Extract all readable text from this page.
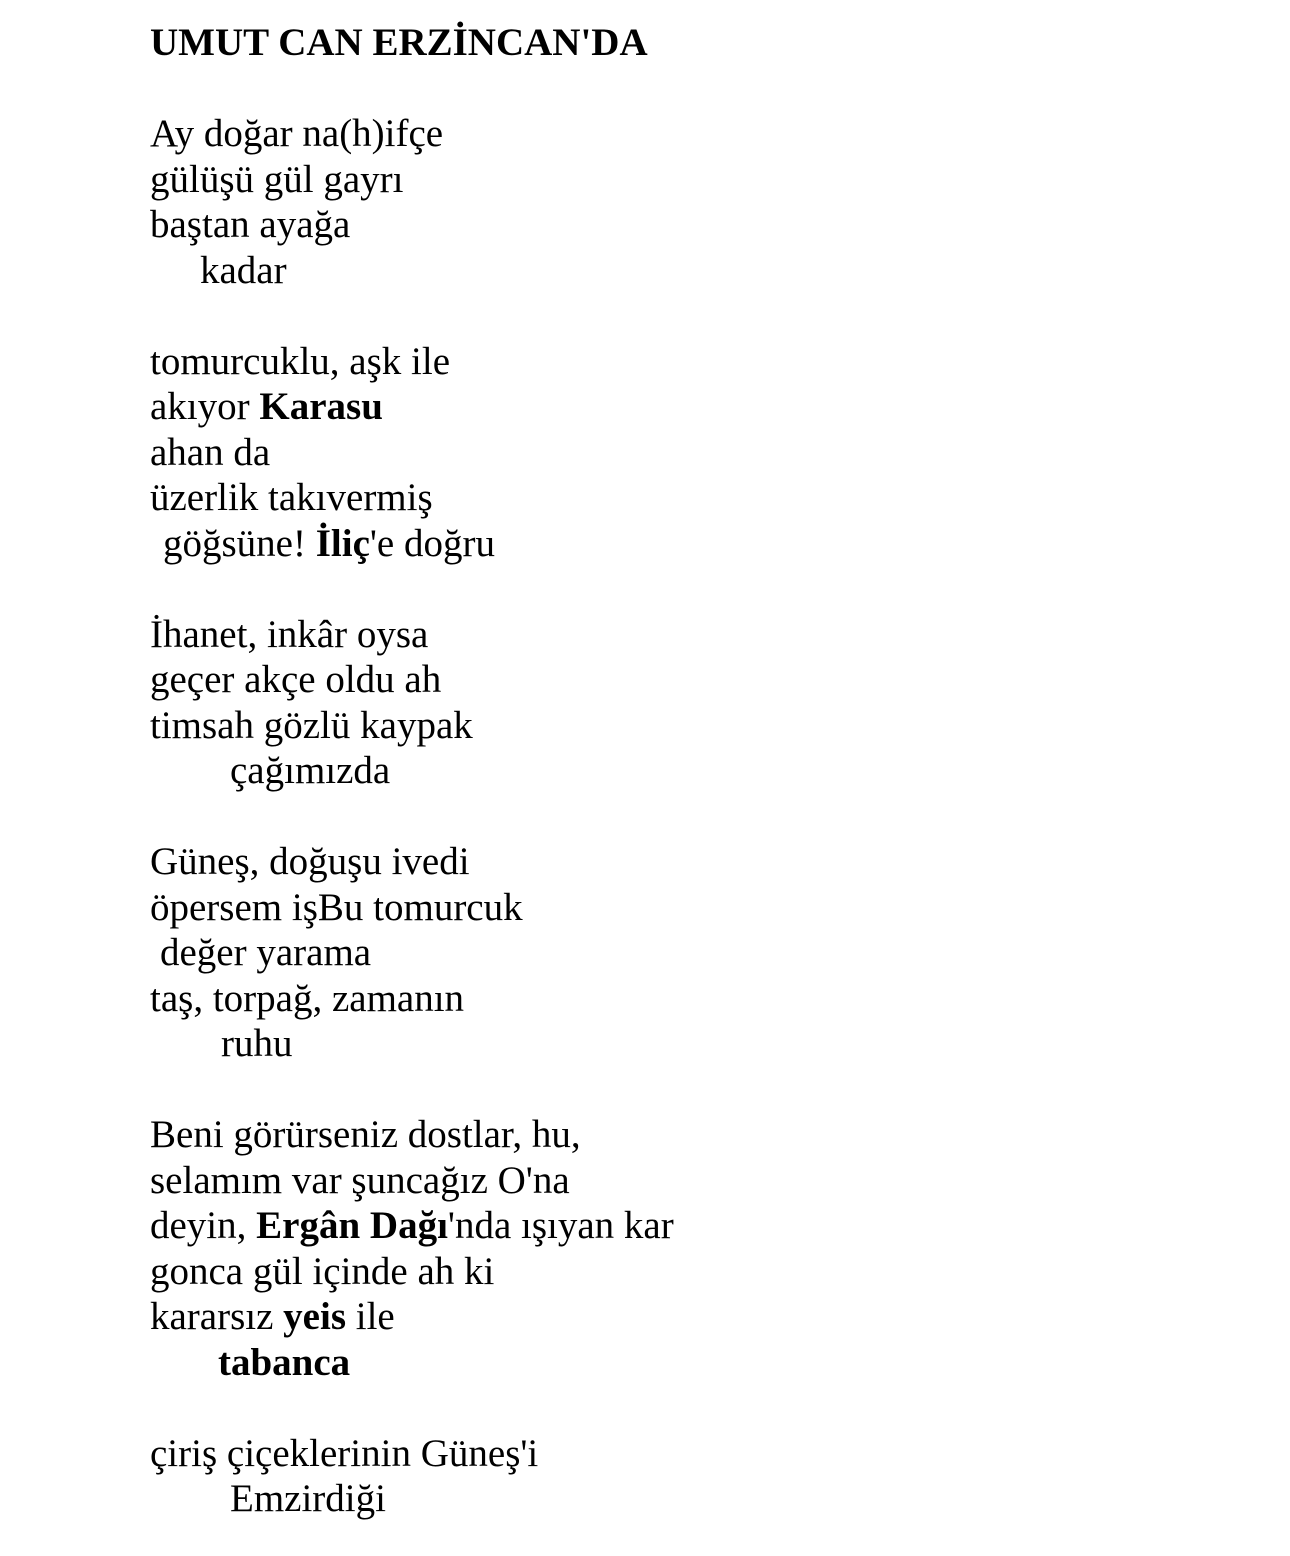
UMUT CAN ERZİNCAN'DA
Ay doğar na(h)ifçe
gülüşü gül gayrı
baştan ayağa
kadar
tomurcuklu, aşk ile
akıyor Karasu
ahan da
üzerlik takıvermiş
göğsüne! İliç'e doğru
İhanet, inkâr oysa
geçer akçe oldu ah
timsah gözlü kaypak
çağımızda
Güneş, doğuşu ivedi
öpersem işBu tomurcuk
değer yarama
taş, torpağ, zamanın
ruhu
Beni görürseniz dostlar, hu,
selamım var şuncağız O'na
deyin, Ergân Dağı'nda ışıyan kar
gonca gül içinde ah ki
kararsız yeis ile
tabanca
çiriş çiçeklerinin Güneş'i
Emzirdiği
